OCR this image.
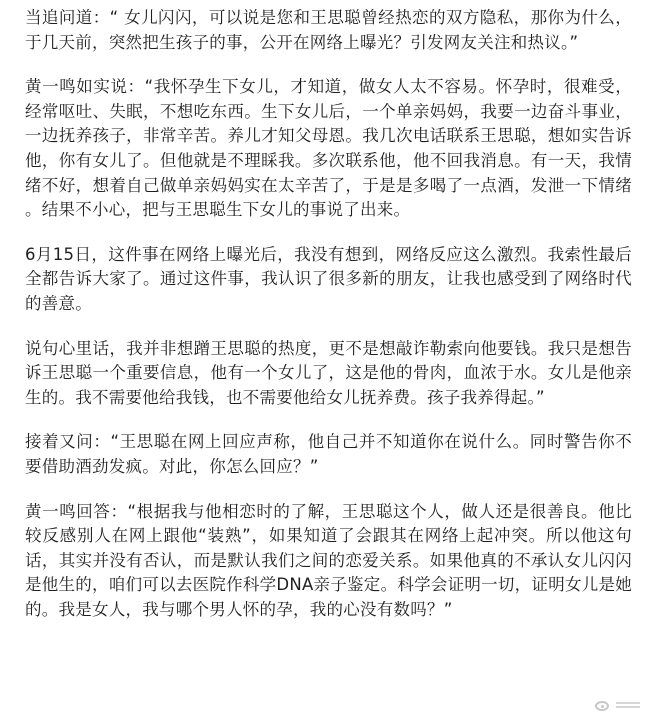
当追问道：“ 女儿闪闪，可以说是您和王思聪曾经热恋的双方隐私，那你为什么，于几天前，突然把生孩子的事，公开在网络上曝光？引发网友关注和热议。”

黄一鸣如实说：“我怀孕生下女儿，才知道，做女人太不容易。怀孕时，很难受，经常呕吐、失眠，不想吃东西。生下女儿后，一个单亲妈妈，我要一边奋斗事业，一边抚养孩子，非常辛苦。养儿才知父母恩。我几次电话联系王思聪，想如实告诉他，你有女儿了。但他就是不理睬我。多次联系他，他不回我消息。有一天，我情绪不好，想着自己做单亲妈妈实在太辛苦了，于是是多喝了一点酒，发泄一下情绪 。结果不小心，把与王思聪生下女儿的事说了出来。

6月15日，这件事在网络上曝光后，我没有想到，网络反应这么激烈。我索性最后全都告诉大家了。通过这件事，我认识了很多新的朋友，让我也感受到了网络时代的善意。

说句心里话，我并非想蹭王思聪的热度，更不是想敲诈勒索向他要钱。我只是想告诉王思聪一个重要信息，他有一个女儿了，这是他的骨肉，血浓于水。女儿是他亲生的。我不需要他给我钱，也不需要他给女儿抚养费。孩子我养得起。”

接着又问：“王思聪在网上回应声称，他自己并不知道你在说什么。同时警告你不要借助酒劲发疯。对此，你怎么回应？”

黄一鸣回答：“根据我与他相恋时的了解，王思聪这个人，做人还是很善良。他比较反感别人在网上跟他“装熟”，如果知道了会跟其在网络上起冲突。所以他这句话，其实并没有否认，而是默认我们之间的恋爱关系。如果他真的不承认女儿闪闪是他生的，咱们可以去医院作科学DNA亲子鉴定。科学会证明一切，证明女儿是她的。我是女人，我与哪个男人怀的孕，我的心没有数吗？”
